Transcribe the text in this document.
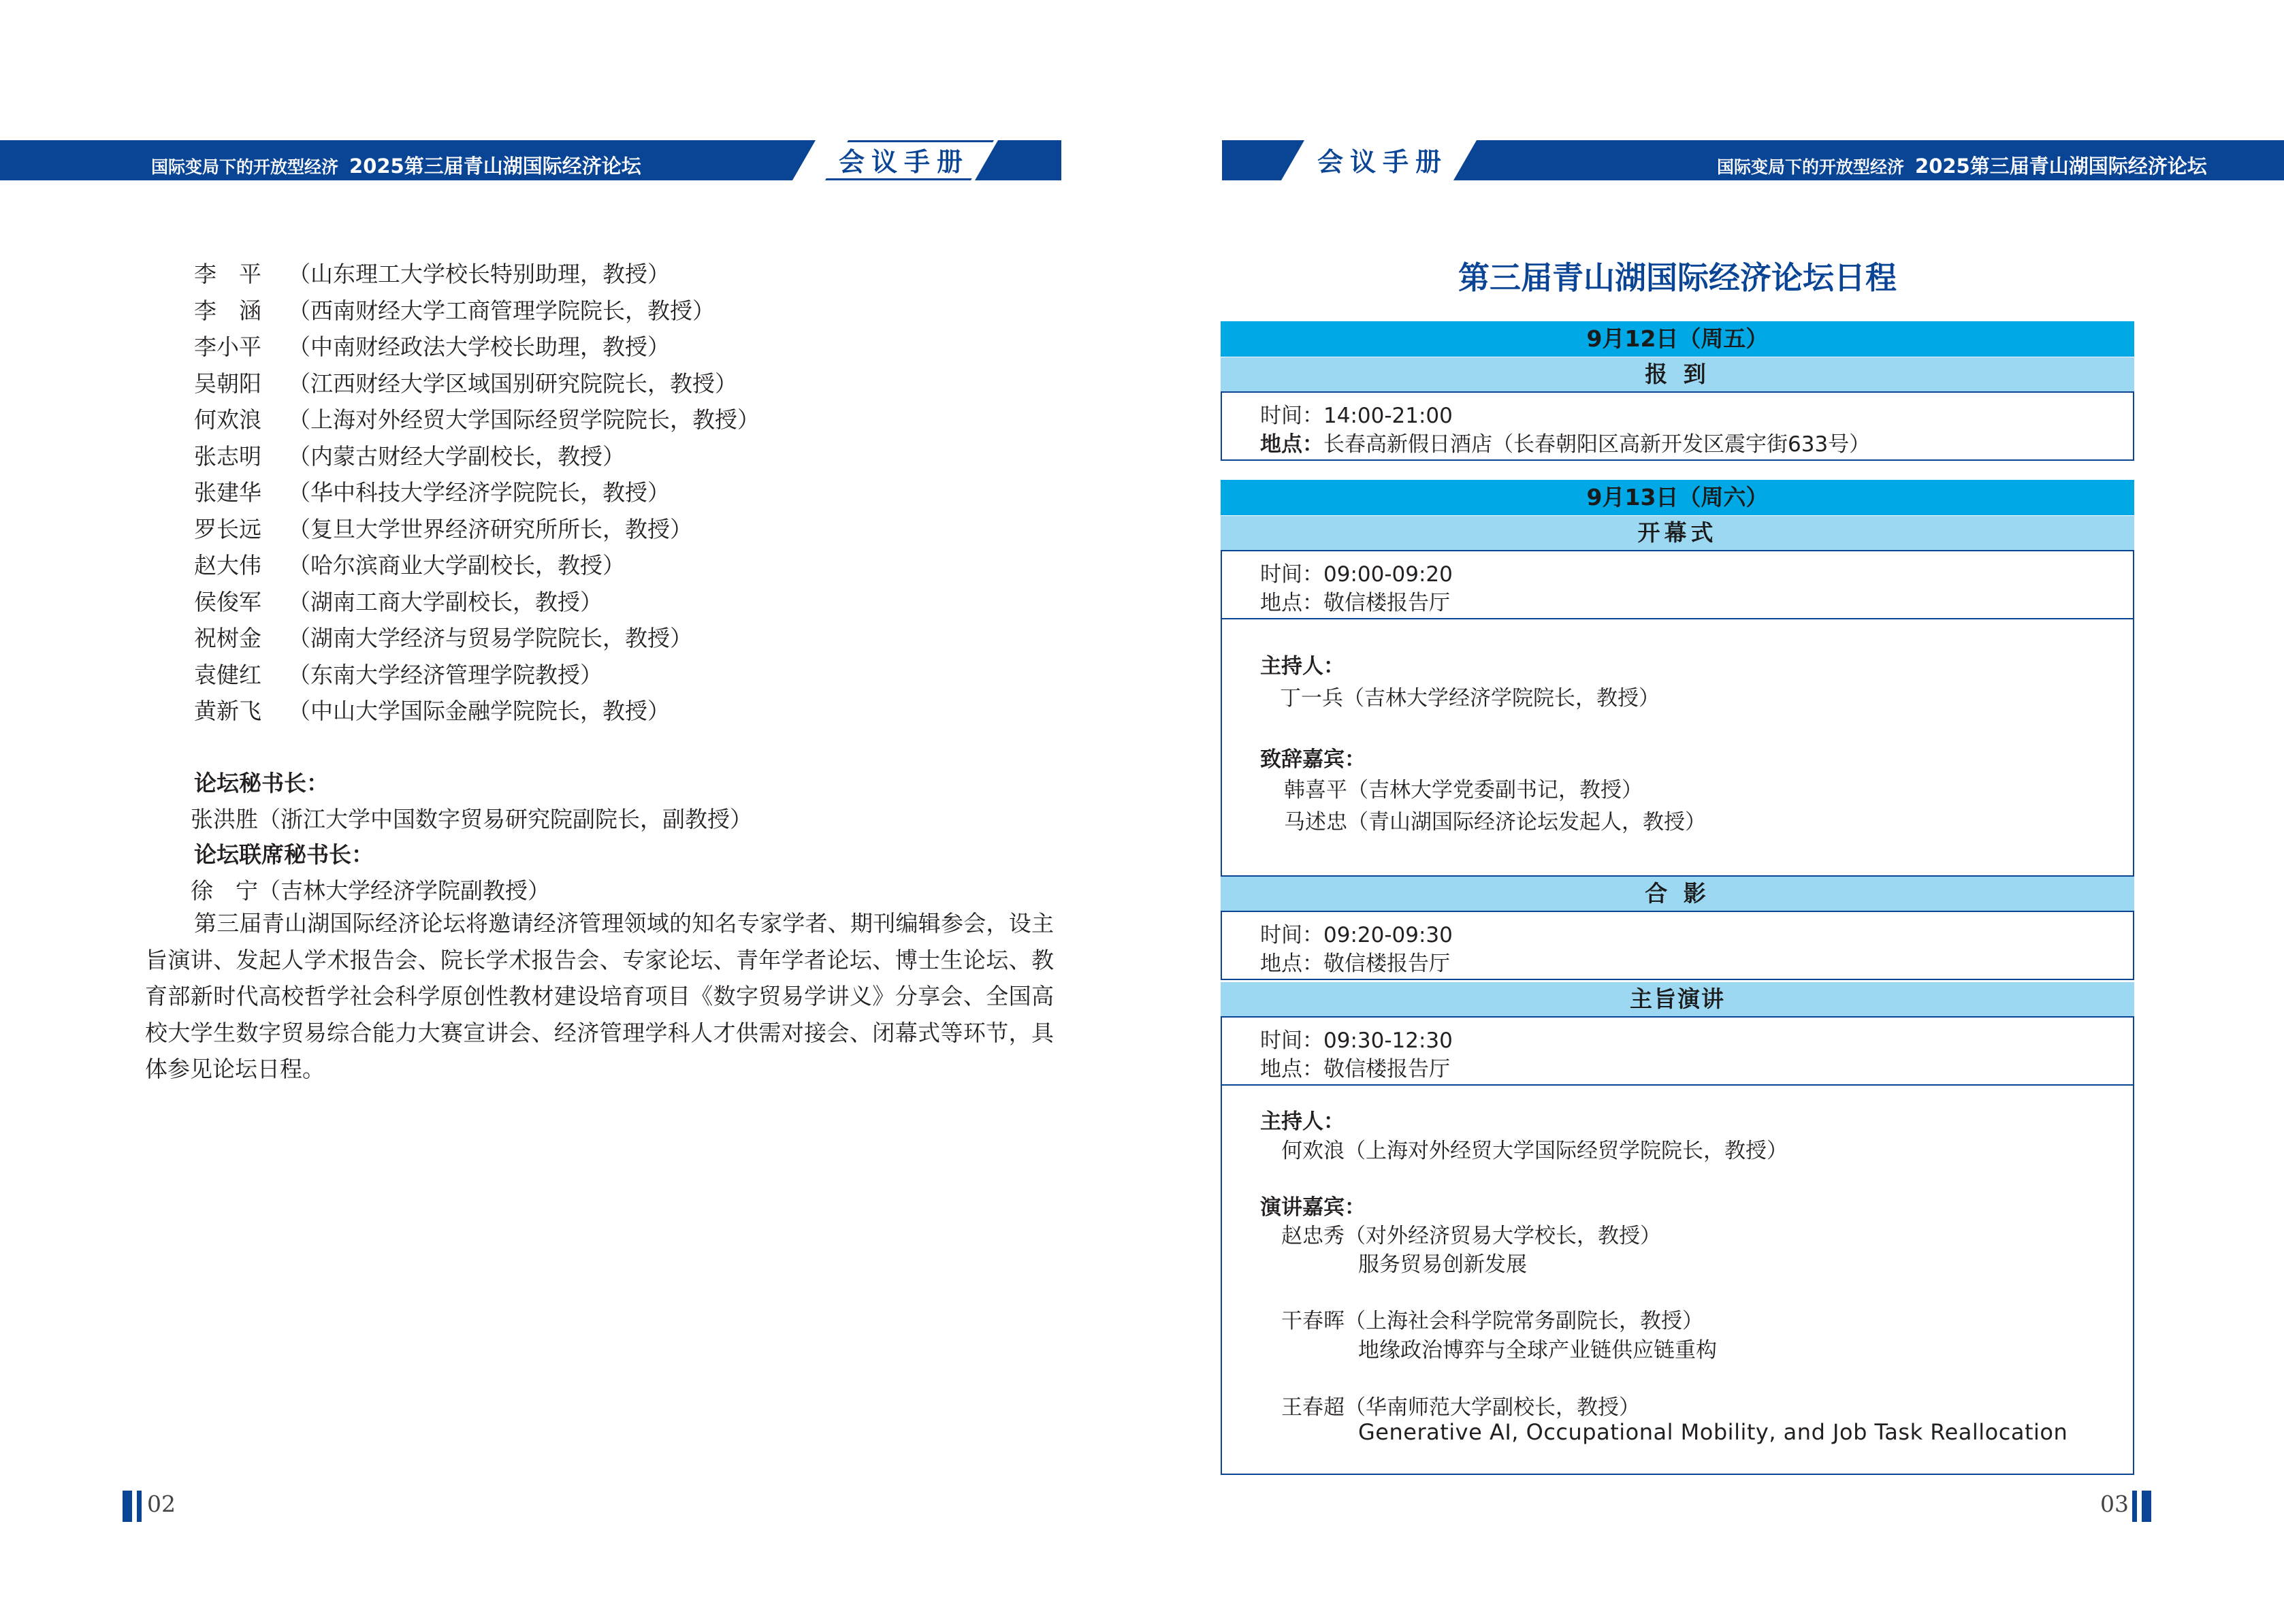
国际变局下的开放型经济 2025第三届青山湖国际经济论坛	会议手册
李　平 （山东理工大学校长特别助理，教授）
李　涵 （西南财经大学工商管理学院院长，教授）
李小平 （中南财经政法大学校长助理，教授）
吴朝阳 （江西财经大学区域国别研究院院长，教授）
何欢浪 （上海对外经贸大学国际经贸学院院长，教授）
张志明 （内蒙古财经大学副校长，教授）
张建华 （华中科技大学经济学院院长，教授）
罗长远 （复旦大学世界经济研究所所长，教授）
赵大伟 （哈尔滨商业大学副校长，教授）
侯俊军 （湖南工商大学副校长，教授）
祝树金 （湖南大学经济与贸易学院院长，教授）
袁健红 （东南大学经济管理学院教授）
黄新飞 （中山大学国际金融学院院长，教授）
论坛秘书长：
张洪胜（浙江大学中国数字贸易研究院副院长，副教授）
论坛联席秘书长：
徐　宁（吉林大学经济学院副教授）

第三届青山湖国际经济论坛将邀请经济管理领域的知名专家学者、期刊编辑参会，设主旨演讲、发起人学术报告会、院长学术报告会、专家论坛、青年学者论坛、博士生论坛、教育部新时代高校哲学社会科学原创性教材建设培育项目《数字贸易学讲义》分享会、全国高校大学生数字贸易综合能力大赛宣讲会、经济管理学科人才供需对接会、闭幕式等环节，具体参见论坛日程。

02
会议手册	国际变局下的开放型经济 2025第三届青山湖国际经济论坛
第三届青山湖国际经济论坛日程
9月12日（周五）
报 到
时间：14:00-21:00
地点：长春高新假日酒店（长春朝阳区高新开发区震宇街633号）
9月13日（周六）
开幕式
时间：09:00-09:20
地点：敬信楼报告厅
主持人：
丁一兵（吉林大学经济学院院长，教授）
致辞嘉宾：
韩喜平（吉林大学党委副书记，教授）
马述忠（青山湖国际经济论坛发起人，教授）
合 影
时间：09:20-09:30
地点：敬信楼报告厅
主旨演讲
时间：09:30-12:30
地点：敬信楼报告厅
主持人：
何欢浪（上海对外经贸大学国际经贸学院院长，教授）
演讲嘉宾：
赵忠秀（对外经济贸易大学校长，教授）
服务贸易创新发展
干春晖（上海社会科学院常务副院长，教授）
地缘政治博弈与全球产业链供应链重构
王春超（华南师范大学副校长，教授）
Generative AI, Occupational Mobility, and Job Task Reallocation
03
